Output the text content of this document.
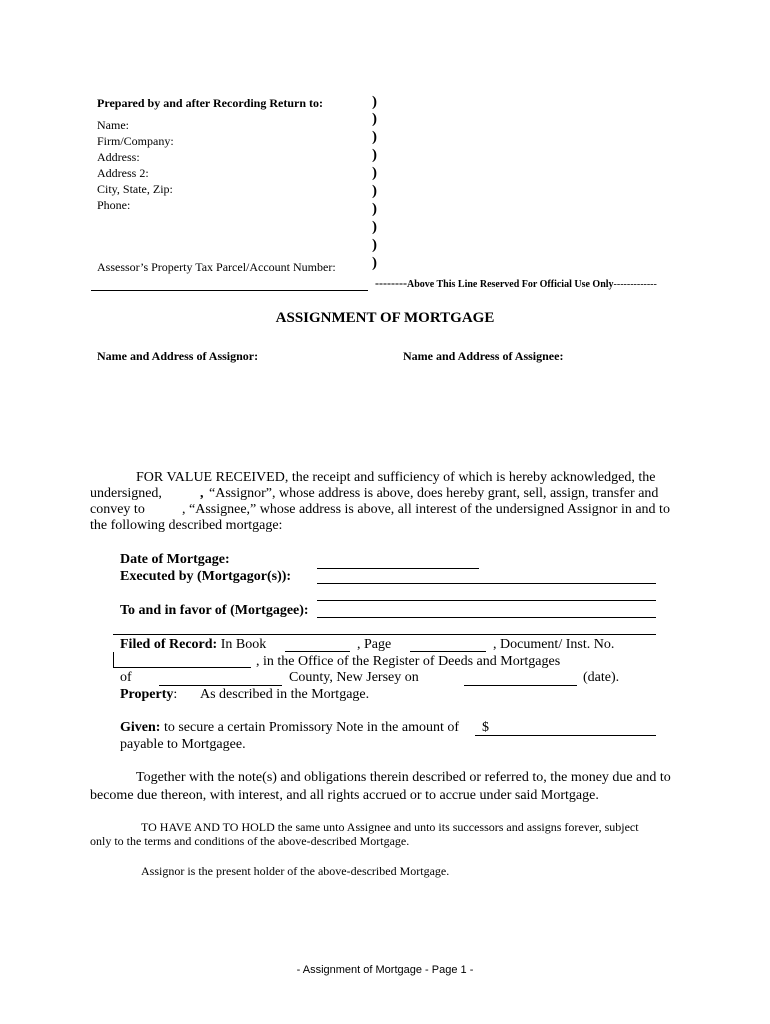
Prepared by and after Recording Return to:
Name:
Firm/Company:
Address:
Address 2:
City, State, Zip:
Phone:
)
)
)
)
)
)
)
)
)
)
Assessor’s Property Tax Parcel/Account Number:
--------Above This Line Reserved For Official Use Only-------------
ASSIGNMENT OF MORTGAGE
Name and Address of Assignor:	Name and Address of Assignee:
FOR VALUE RECEIVED, the receipt and sufficiency of which is hereby acknowledged, the
undersigned,	, “Assignor”, whose address is above, does hereby grant, sell, assign, transfer and
convey to	, “Assignee,” whose address is above, all interest of the undersigned Assignor in and to
the following described mortgage:
Date of Mortgage:
Executed by (Mortgagor(s)):
To and in favor of (Mortgagee):
Filed of Record: In Book	, Page	, Document/ Inst. No.
, in the Office of the Register of Deeds and Mortgages
of	County, New Jersey on	(date).
Property: As described in the Mortgage.
Given: to secure a certain Promissory Note in the amount of $
payable to Mortgagee.
Together with the note(s) and obligations therein described or referred to, the money due and to
become due thereon, with interest, and all rights accrued or to accrue under said Mortgage.
TO HAVE AND TO HOLD the same unto Assignee and unto its successors and assigns forever, subject
only to the terms and conditions of the above-described Mortgage.
Assignor is the present holder of the above-described Mortgage.
- Assignment of Mortgage - Page 1 -
